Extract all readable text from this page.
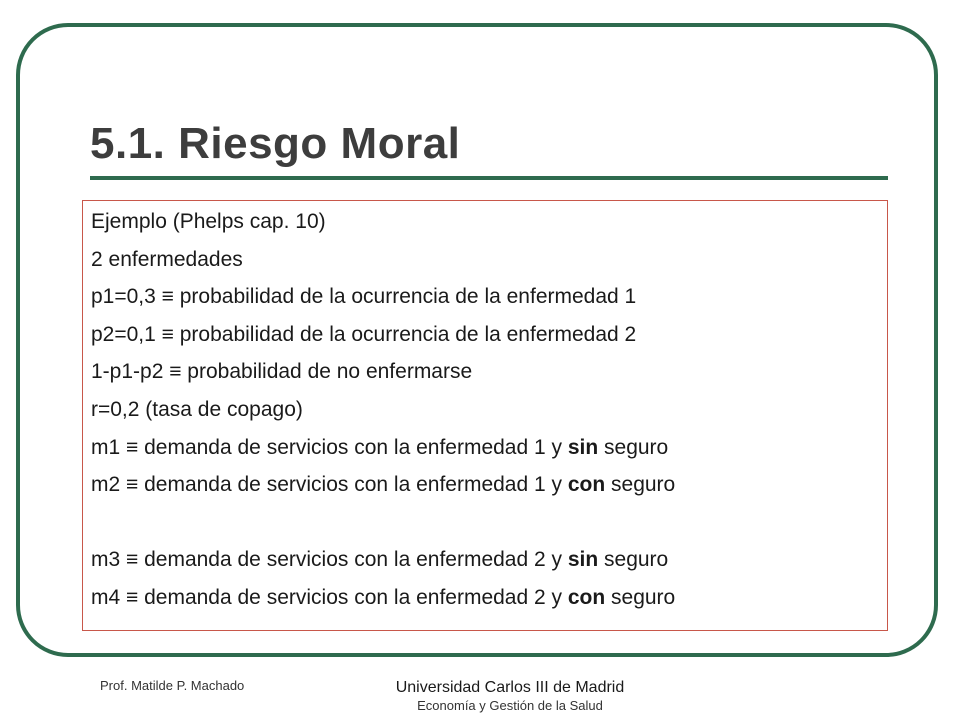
5.1. Riesgo Moral
Ejemplo (Phelps cap. 10)
2 enfermedades
p1=0,3 ≡ probabilidad de la ocurrencia de la enfermedad 1
p2=0,1 ≡ probabilidad de la ocurrencia de la enfermedad 2
1-p1-p2 ≡ probabilidad de no enfermarse
r=0,2 (tasa de copago)
m1 ≡ demanda de servicios con la enfermedad 1 y sin seguro
m2 ≡ demanda de servicios con la enfermedad 1 y con seguro
m3 ≡ demanda de servicios con la enfermedad 2 y sin seguro
m4 ≡ demanda de servicios con la enfermedad 2 y con seguro
Prof. Matilde P. Machado	Universidad Carlos III de Madrid
Economía y Gestión de la Salud
